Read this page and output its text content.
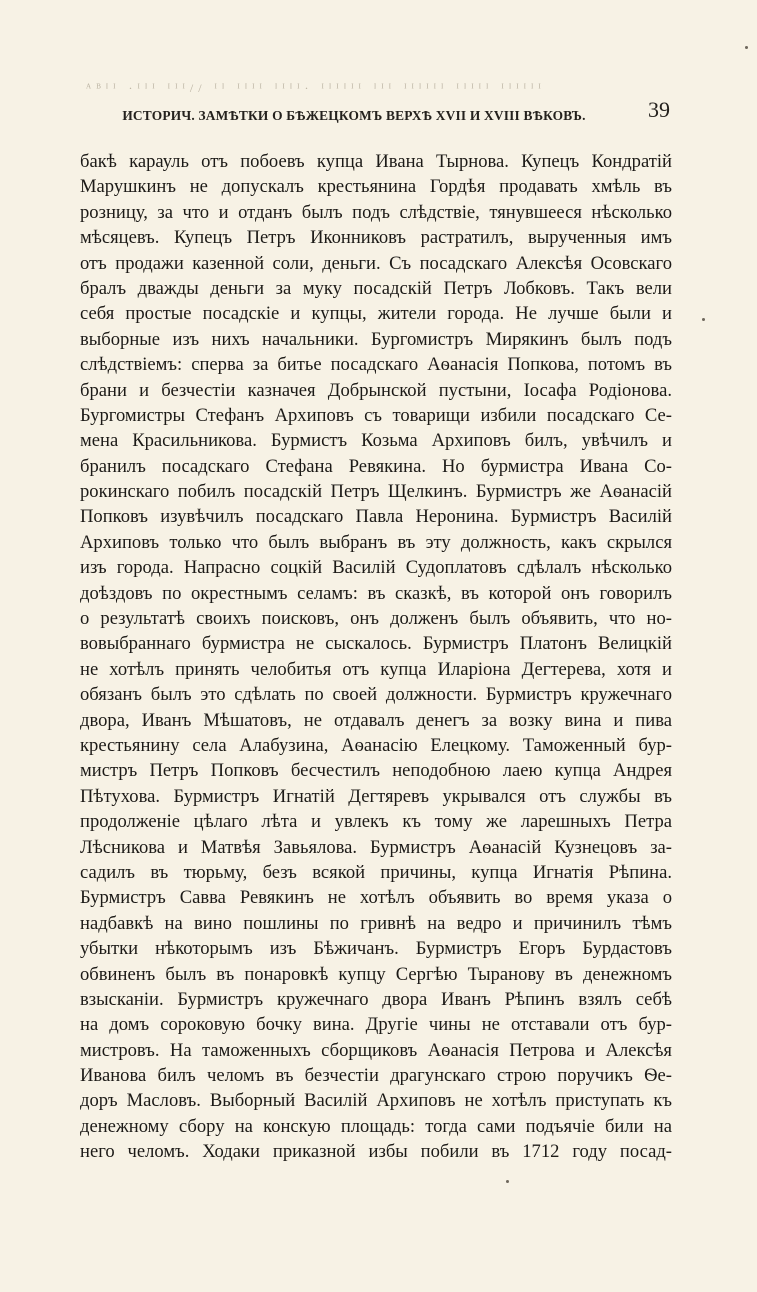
ᴬᴮᴵᴵ ·ᴵᴵᴵ ᴵᴵᴵ// ᴵᴵ ᴵᴵᴵᴵ ᴵᴵᴵᴵ· ᴵᴵᴵᴵᴵᴵ ᴵᴵᴵ ᴵᴵᴵᴵᴵᴵ ᴵᴵᴵᴵᴵ ᴵᴵᴵᴵᴵᴵ
ИСТОРИЧ. ЗАМѢТКИ О БѢЖЕЦКОМЪ ВЕРХѢ XVII И XVIII ВѢКОВЪ.	39
бакѣ карауль отъ побоевъ купца Ивана Тырнова. Купецъ Кондратій
Марушкинъ не допускалъ крестьянина Гордѣя продавать хмѣль въ
розницу, за что и отданъ былъ подъ слѣдствіе, тянувшееся нѣсколько
мѣсяцевъ. Купецъ Петръ Иконниковъ растратилъ, вырученныя имъ
отъ продажи казенной соли, деньги. Съ посадскаго Алексѣя Осовскаго
бралъ дважды деньги за муку посадскій Петръ Лобковъ. Такъ вели
себя простые посадскіе и купцы, жители города. Не лучше были и
выборные изъ нихъ начальники. Бургомистръ Мирякинъ былъ подъ
слѣдствіемъ: сперва за битье посадскаго Аѳанасія Попкова, потомъ въ
брани и безчестіи казначея Добрынской пустыни, Іосафа Родіонова.
Бургомистры Стефанъ Архиповъ съ товарищи избили посадскаго Се-
мена Красильникова. Бурмистъ Козьма Архиповъ билъ, увѣчилъ и
бранилъ посадскаго Стефана Ревякина. Но бурмистра Ивана Со-
рокинскаго побилъ посадскій Петръ Щелкинъ. Бурмистръ же Аѳанасій
Попковъ изувѣчилъ посадскаго Павла Неронина. Бурмистръ Василій
Архиповъ только что былъ выбранъ въ эту должность, какъ скрылся
изъ города. Напрасно соцкій Василій Судоплатовъ сдѣлалъ нѣсколько
доѣздовъ по окрестнымъ селамъ: въ сказкѣ, въ которой онъ говорилъ
о результатѣ своихъ поисковъ, онъ долженъ былъ объявить, что но-
вовыбраннаго бурмистра не сыскалось. Бурмистръ Платонъ Велицкій
не хотѣлъ принять челобитья отъ купца Иларіона Дегтерева, хотя и
обязанъ былъ это сдѣлать по своей должности. Бурмистръ кружечнаго
двора, Иванъ Мѣшатовъ, не отдавалъ денегъ за возку вина и пива
крестьянину села Алабузина, Аѳанасію Елецкому. Таможенный бур-
мистръ Петръ Попковъ бесчестилъ неподобною лаею купца Андрея
Пѣтухова. Бурмистръ Игнатій Дегтяревъ укрывался отъ службы въ
продолженіе цѣлаго лѣта и увлекъ къ тому же ларешныхъ Петра
Лѣсникова и Матвѣя Завьялова. Бурмистръ Аѳанасій Кузнецовъ за-
садилъ въ тюрьму, безъ всякой причины, купца Игнатія Рѣпина.
Бурмистръ Савва Ревякинъ не хотѣлъ объявить во время указа о
надбавкѣ на вино пошлины по гривнѣ на ведро и причинилъ тѣмъ
убытки нѣкоторымъ изъ Бѣжичанъ. Бурмистръ Егоръ Бурдастовъ
обвиненъ былъ въ понаровкѣ купцу Сергѣю Тыранову въ денежномъ
взысканіи. Бурмистръ кружечнаго двора Иванъ Рѣпинъ взялъ себѣ
на домъ сороковую бочку вина. Другіе чины не отставали отъ бур-
мистровъ. На таможенныхъ сборщиковъ Аѳанасія Петрова и Алексѣя
Иванова билъ челомъ въ безчестіи драгунскаго строю поручикъ Ѳе-
доръ Масловъ. Выборный Василій Архиповъ не хотѣлъ приступать къ
денежному сбору на конскую площадь: тогда сами подъячіе били на
него челомъ. Ходаки приказной избы побили въ 1712 году посад-
